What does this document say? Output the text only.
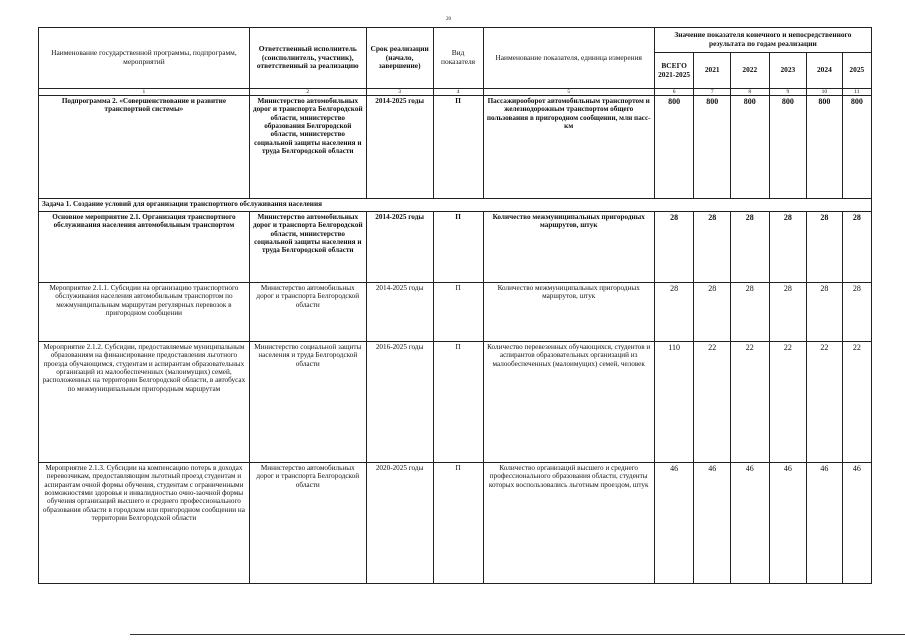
20
Наименование государственной программы, подпрограмм, мероприятий	Ответственный исполнитель (соисполнитель, участник), ответственный за реализацию	Срок реализации (начало, завершение)	Вид показателя	Наименование показателя, единица измерения	Значение показателя конечного и непосредственного результата по годам реализации					
					ВСЕГО 2021-2025	2021	2022	2023	2024	2025
1	2	3	4	5	6	7	8	9	10	11
Подпрограмма 2. «Совершенствование и развитие транспортной системы»	Министерство автомобильных дорог и транспорта Белгородской области, министерство образования Белгородской области, министерство социальной защиты населения и труда Белгородской области	2014-2025 годы	П	Пассажирооборот автомобильным транспортом и железнодорожным транспортом общего пользования в пригородном сообщении, млн пасс-км	800	800	800	800	800	800
Задача 1. Создание условий для организации транспортного обслуживания населения										
Основное мероприятие 2.1. Организация транспортного обслуживания населения автомобильным транспортом	Министерство автомобильных дорог и транспорта Белгородской области, министерство социальной защиты населения и труда Белгородской области	2014-2025 годы	П	Количество межмуниципальных пригородных маршрутов, штук	28	28	28	28	28	28
Мероприятие 2.1.1. Субсидии на организацию транспортного обслуживания населения автомобильным транспортом по межмуниципальным маршрутам регулярных перевозок в пригородном сообщении	Министерство автомобильных дорог и транспорта Белгородской области	2014-2025 годы	П	Количество межмуниципальных пригородных маршрутов, штук	28	28	28	28	28	28
Мероприятие 2.1.2. Субсидии, предоставляемые муниципальным образованиям на финансирование предоставления льготного проезда обучающимся, студентам и аспирантам образовательных организаций из малообеспеченных (малоимущих) семей, расположенных на территории Белгородской области, в автобусах по межмуниципальным пригородным маршрутам	Министерство социальной защиты населения и труда Белгородской области	2016-2025 годы	П	Количество перевезенных обучающихся, студентов и аспирантов образовательных организаций из малообеспеченных (малоимущих) семей, человек	110	22	22	22	22	22
Мероприятие 2.1.3. Субсидии на компенсацию потерь в доходах перевозчикам, предоставляющим льготный проезд студентам и аспирантам очной формы обучения, студентам с ограниченными возможностями здоровья и инвалидностью очно-заочной формы обучения организаций высшего и среднего профессионального образования области в городском или пригородном сообщении на территории Белгородской области	Министерство автомобильных дорог и транспорта Белгородской области	2020-2025 годы	П	Количество организаций высшего и среднего профессионального образования области, студенты которых воспользовались льготным проездом, штук	46	46	46	46	46	46
